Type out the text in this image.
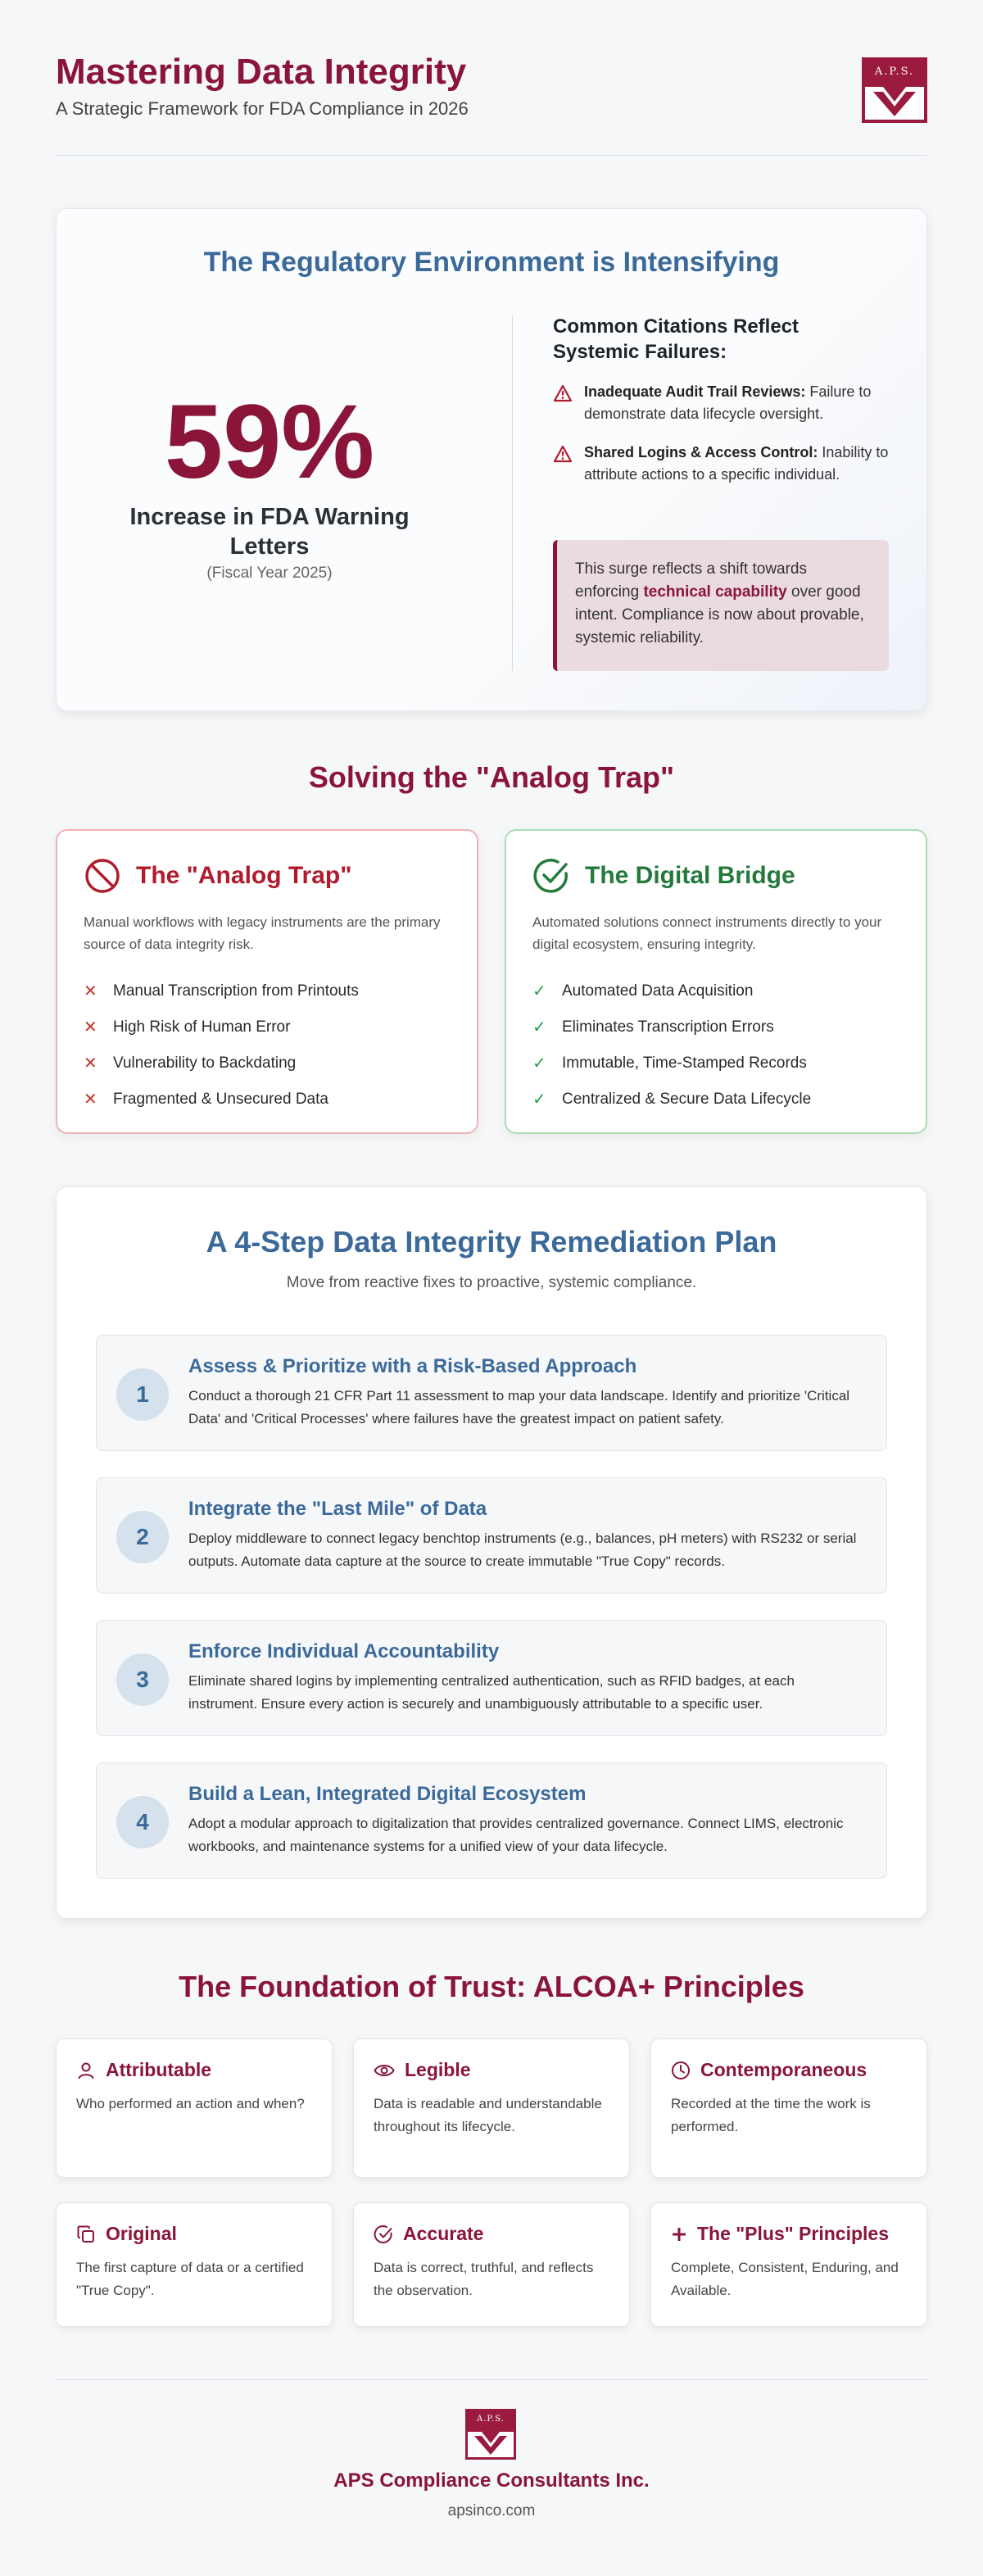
Mastering Data Integrity
A Strategic Framework for FDA Compliance in 2026
A.P.S.
The Regulatory Environment is Intensifying
59%
Increase in FDA Warning Letters
(Fiscal Year 2025)
Common Citations Reflect Systemic Failures:
Inadequate Audit Trail Reviews: Failure to demonstrate data lifecycle oversight.
Shared Logins & Access Control: Inability to attribute actions to a specific individual.
This surge reflects a shift towards enforcing technical capability over good intent. Compliance is now about provable, systemic reliability.
Solving the "Analog Trap"
The "Analog Trap"
Manual workflows with legacy instruments are the primary source of data integrity risk.
✕	Manual Transcription from Printouts
✕	High Risk of Human Error
✕	Vulnerability to Backdating
✕	Fragmented & Unsecured Data
The Digital Bridge
Automated solutions connect instruments directly to your digital ecosystem, ensuring integrity.
✓	Automated Data Acquisition
✓	Eliminates Transcription Errors
✓	Immutable, Time-Stamped Records
✓	Centralized & Secure Data Lifecycle
A 4-Step Data Integrity Remediation Plan
Move from reactive fixes to proactive, systemic compliance.
1
Assess & Prioritize with a Risk-Based Approach
Conduct a thorough 21 CFR Part 11 assessment to map your data landscape. Identify and prioritize 'Critical Data' and 'Critical Processes' where failures have the greatest impact on patient safety.
2
Integrate the "Last Mile" of Data
Deploy middleware to connect legacy benchtop instruments (e.g., balances, pH meters) with RS232 or serial outputs. Automate data capture at the source to create immutable "True Copy" records.
3
Enforce Individual Accountability
Eliminate shared logins by implementing centralized authentication, such as RFID badges, at each instrument. Ensure every action is securely and unambiguously attributable to a specific user.
4
Build a Lean, Integrated Digital Ecosystem
Adopt a modular approach to digitalization that provides centralized governance. Connect LIMS, electronic workbooks, and maintenance systems for a unified view of your data lifecycle.
The Foundation of Trust: ALCOA+ Principles
Attributable
Who performed an action and when?
Legible
Data is readable and understandable throughout its lifecycle.
Contemporaneous
Recorded at the time the work is performed.
Original
The first capture of data or a certified "True Copy".
Accurate
Data is correct, truthful, and reflects the observation.
The "Plus" Principles
Complete, Consistent, Enduring, and Available.
A.P.S.
APS Compliance Consultants Inc.
apsinco.com
